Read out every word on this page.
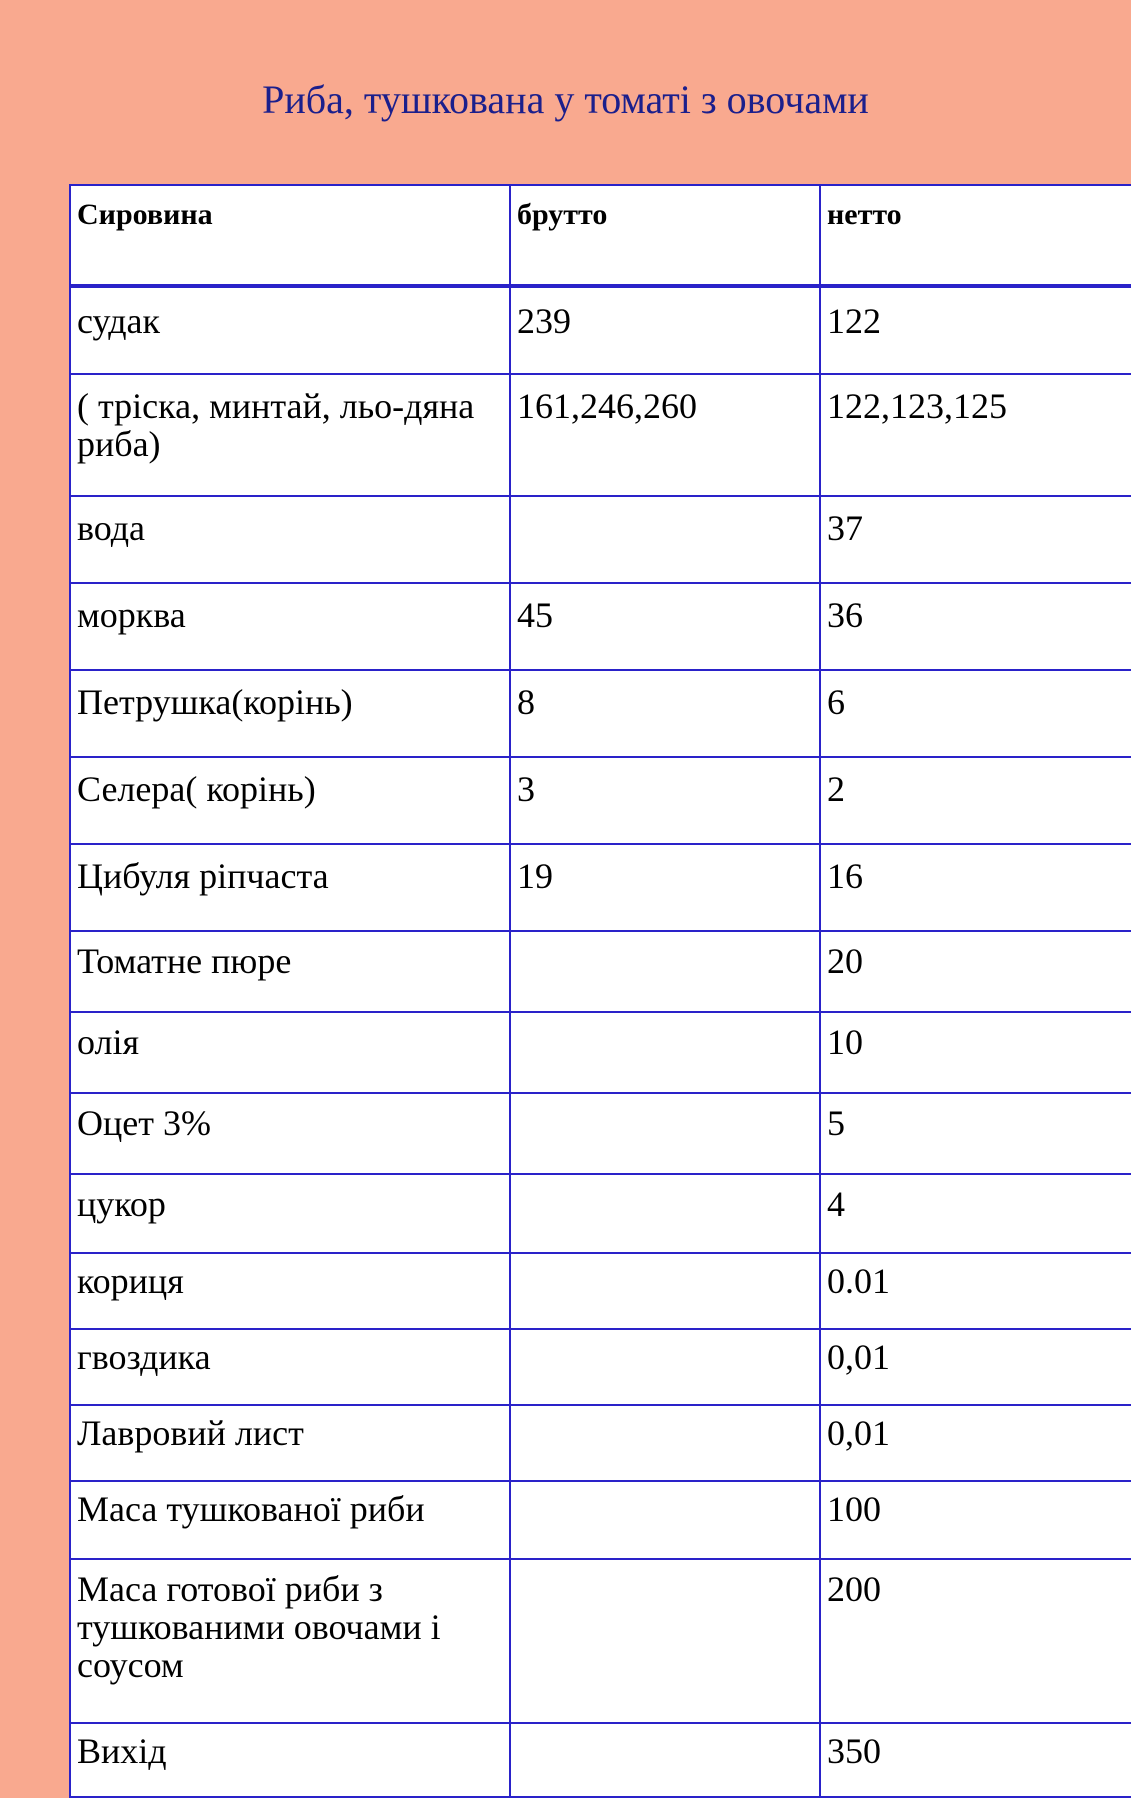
Риба, тушкована у томаті з овочами
Сировина	брутто	нетто
судак	239	122
( тріска, минтай, льо-дяна риба)	161,246,260	122,123,125
вода		37
морква	45	36
Петрушка(корінь)	8	6
Селера( корінь)	3	2
Цибуля ріпчаста	19	16
Томатне пюре		20
олія		10
Оцет 3%		5
цукор		4
кориця		0.01
гвоздика		0,01
Лавровий лист		0,01
Маса тушкованої риби		100
Маса готової риби з тушкованими овочами і соусом		200
Вихід		350
